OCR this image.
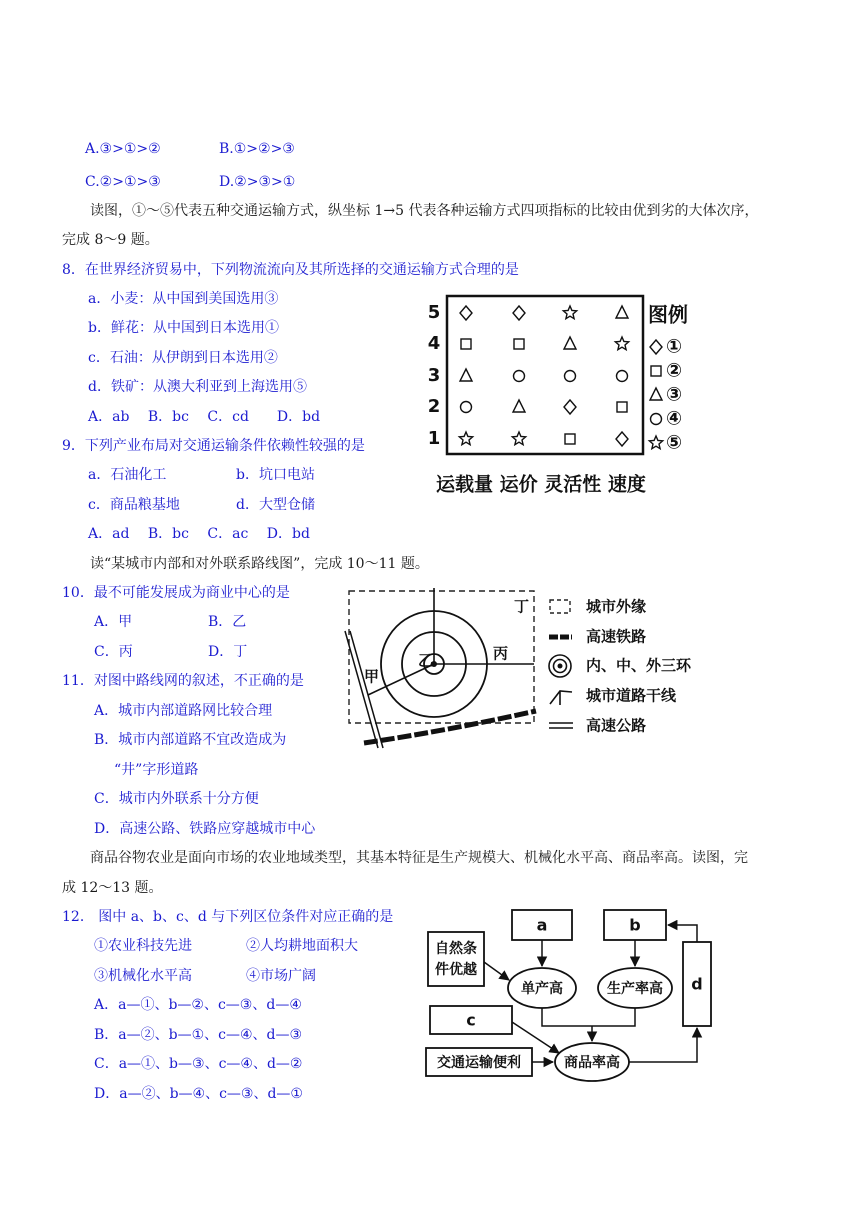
A.③>①>②	B.①>②>③
C.②>①>③	D.②>③>①
读图，①～⑤代表五种交通运输方式，纵坐标 1→5 代表各种运输方式四项指标的比较由优到劣的大体次序，
完成 8～9 题。
8．在世界经济贸易中，下列物流流向及其所选择的交通运输方式合理的是
a．小麦：从中国到美国选用③
b．鲜花：从中国到日本选用①
c．石油：从伊朗到日本选用②
d．铁矿：从澳大利亚到上海选用⑤
A．ab　 B．bc　 C．cd　　D．bd
9．下列产业布局对交通运输条件依赖性较强的是
a．石油化工	b．坑口电站
c．商品粮基地	d．大型仓储
A．ad　 B．bc　 C．ac　 D．bd
读“某城市内部和对外联系路线图”，完成 10～11 题。
10．最不可能发展成为商业中心的是
A．甲	B．乙
C．丙	D．丁
11．对图中路线网的叙述，不正确的是
A．城市内部道路网比较合理
B．城市内部道路不宜改造成为
“井”字形道路
C．城市内外联系十分方便
D．高速公路、铁路应穿越城市中心
商品谷物农业是面向市场的农业地域类型，其基本特征是生产规模大、机械化水平高、商品率高。读图，完
成 12～13 题。
12． 图中 a、b、c、d 与下列区位条件对应正确的是
①农业科技先进	②人均耕地面积大
③机械化水平高	④市场广阔
A．a—①、b—②、c—③、d—④
B．a—②、b—①、c—④、d—③
C．a—①、b—③、c—④、d—②
D．a—②、b—④、c—③、d—①
5
4
3
2
1
运载量 运价 灵活性 速度
图例
①
②
③
④
⑤
丁
乙	丙
甲
城市外缘
高速铁路
内、中、外三环
城市道路干线
高速公路
a	b
自然条
件优越
单产高	生产率高 d
c
交通运输便利	商品率高
